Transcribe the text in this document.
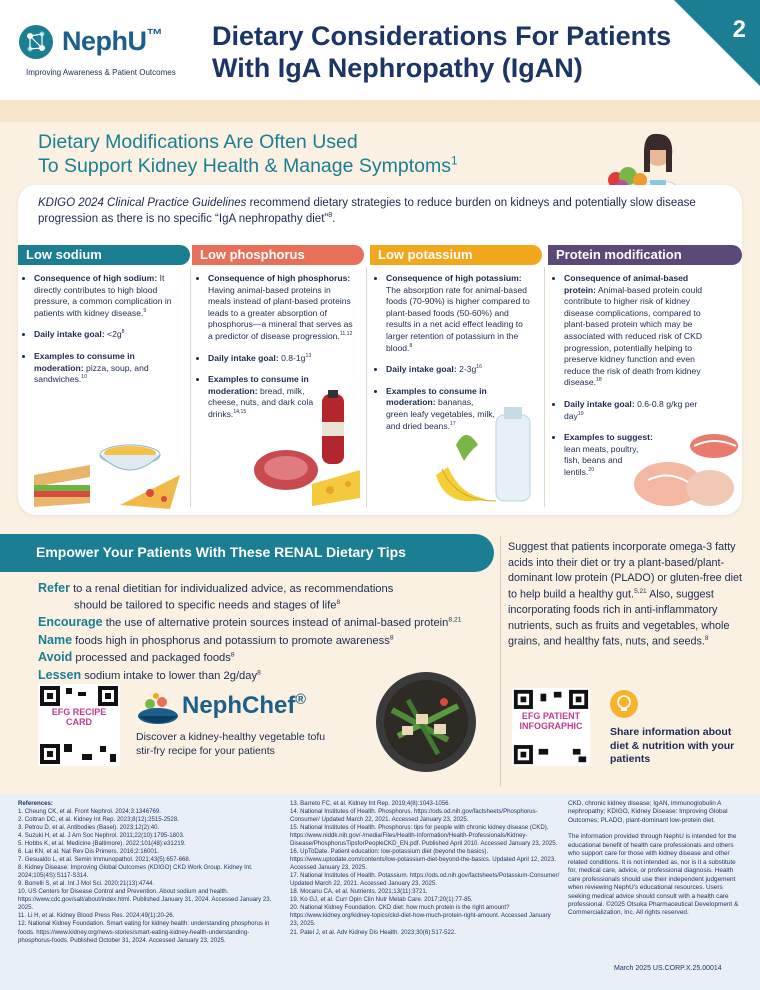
NephU™
Improving Awareness & Patient Outcomes
Dietary Considerations For Patients
With IgA Nephropathy (IgAN)
2
Dietary Modifications Are Often Used
To Support Kidney Health & Manage Symptoms$^1$
KDIGO 2024 Clinical Practice Guidelines recommend dietary strategies to reduce burden on kidneys and potentially slow disease progression as there is no specific “IgA nephropathy diet”$^8$.
Low sodium
• Consequence of high sodium: It directly contributes to high blood pressure, a common complication in patients with kidney disease.$^9$
• Daily intake goal: $<2g^8$
• Examples to consume in moderation: pizza, soup, and sandwiches.$^{10}$
Low phosphorus
• Consequence of high phosphorus: Having animal-based proteins in meals instead of plant-based proteins leads to a greater absorption of phosphorus—a mineral that serves as a predictor of disease progression.$^{11,12}$
• Daily intake goal: $0.8-1g^{13}$
• Examples to consume in moderation: bread, milk, cheese, nuts, and dark cola drinks.$^{14,15}$
Low potassium
• Consequence of high potassium: The absorption rate for animal-based foods (70-90%) is higher compared to plant-based foods (50-60%) and results in a net acid effect leading to larger retention of potassium in the blood.$^8$
• Daily intake goal: $2-3g^{16}$
• Examples to consume in moderation: bananas, green leafy vegetables, milk, and dried beans.$^{17}$
Protein modification
• Consequence of animal-based protein: Animal-based protein could contribute to higher risk of kidney disease complications, compared to plant-based protein which may be associated with reduced risk of CKD progression, potentially helping to preserve kidney function and even reduce the risk of death from kidney disease.$^{18}$
• Daily intake goal: 0.6-0.8 g/kg per day$^{19}$
• Examples to suggest: lean meats, poultry, fish, beans and lentils.$^{20}$
Empower Your Patients With These RENAL Dietary Tips
Refer to a renal dietitian for individualized advice, as recommendations
should be tailored to specific needs and stages of life$^8$
Encourage the use of alternative protein sources instead of animal-based protein$^{8,21}$
Name foods high in phosphorus and potassium to promote awareness$^8$
Avoid processed and packaged foods$^8$
Lessen sodium intake to lower than 2g/day$^8$
Suggest that patients incorporate omega-3 fatty acids into their diet or try a plant-based/plant-dominant low protein (PLADO) or gluten-free diet to help build a healthy gut.$^{5,21}$ Also, suggest incorporating foods rich in anti-inflammatory nutrients, such as fruits and vegetables, whole grains, and healthy fats, nuts, and seeds.$^8$
EFG RECIPE CARD
NephChef®
Discover a kidney-healthy vegetable tofu stir-fry recipe for your patients
EFG PATIENT INFOGRAPHIC
Share information about diet & nutrition with your patients
References:
1. Cheung CK, et al. Front Nephrol. 2024;3:1346769.
2. Cottran DC, et al. Kidney Int Rep. 2023;8(12):2515-2528.
3. Petrou D, et al. Antibodies (Basel). 2023;12(2):40.
4. Suzuki H, et al. J Am Soc Nephrol. 2011;22(10):1795-1803.
5. Hobbs K, et al. Medicine (Baltimore). 2022;101(48):e31219.
6. Lai KN, et al. Nat Rev Dis Primers. 2016;2:16001.
7. Gesualdo L, et al. Semin Immunopathol. 2021;43(5):657-668.
8. Kidney Disease: Improving Global Outcomes (KDIGO) CKD Work Group. Kidney Int. 2024;105(4S):S117-S314.
9. Borrelli S, et al. Int J Mol Sci. 2020;21(13):4744.
10. US Centers for Disease Control and Prevention. About sodium and health. https://www.cdc.gov/salt/about/index.html. Published January 31, 2024. Accessed January 23, 2025.
11. Li H, et al. Kidney Blood Press Res. 2024;49(1):20-26.
12. National Kidney Foundation. Smart eating for kidney health: understanding phosphorus in foods. https://www.kidney.org/news-stories/smart-eating-kidney-health-understanding-phosphorus-foods. Published October 31, 2024. Accessed January 23, 2025.
13. Barreto FC, et al. Kidney Int Rep. 2019;4(8):1043-1056.
14. National Institutes of Health. Phosphorus. https://ods.od.nih.gov/factsheets/Phosphorus-Consumer/ Updated March 22, 2021. Accessed January 23, 2025.
15. National Institutes of Health. Phosphorus: tips for people with chronic kidney disease (CKD). https://www.niddk.nih.gov/-/media/Files/Health-Information/Health-Professionals/Kidney-Disease/PhosphorusTipsforPeopleCKD_EN.pdf. Published April 2010. Accessed January 23, 2025.
16. UpToDate. Patient education: low-potassium diet (beyond the basics). https://www.uptodate.com/contents/low-potassium-diet-beyond-the-basics. Updated April 12, 2023. Accessed January 23, 2025.
17. National Institutes of Health. Potassium. https://ods.od.nih.gov/factsheets/Potassium-Consumer/ Updated March 22, 2021. Accessed January 23, 2025.
18. Mocanu CA, et al. Nutrients. 2021;13(11):3721.
19. Ko GJ, et al. Curr Opin Clin Nutr Metab Care. 2017;20(1):77-85.
20. National Kidney Foundation. CKD diet: how much protein is the right amount? https://www.kidney.org/kidney-topics/ckd-diet-how-much-protein-right-amount. Accessed January 23, 2025.
21. Patel J, et al. Adv Kidney Dis Health. 2023;30(6):517-522.
CKD, chronic kidney disease; IgAN, immunoglobulin A nephropathy; KDIGO, Kidney Disease: Improving Global Outcomes; PLADO, plant-dominant low-protein diet.
The information provided through NephU is intended for the educational benefit of health care professionals and others who support care for those with kidney disease and other related conditions. It is not intended as, nor is it a substitute for, medical care, advice, or professional diagnosis. Health care professionals should use their independent judgement when reviewing NephU's educational resources. Users seeking medical advice should consult with a health care professional. ©2025 Otsuka Pharmaceutical Development & Commercialization, Inc. All rights reserved.
March 2025 US.CORP.X.25.00014
